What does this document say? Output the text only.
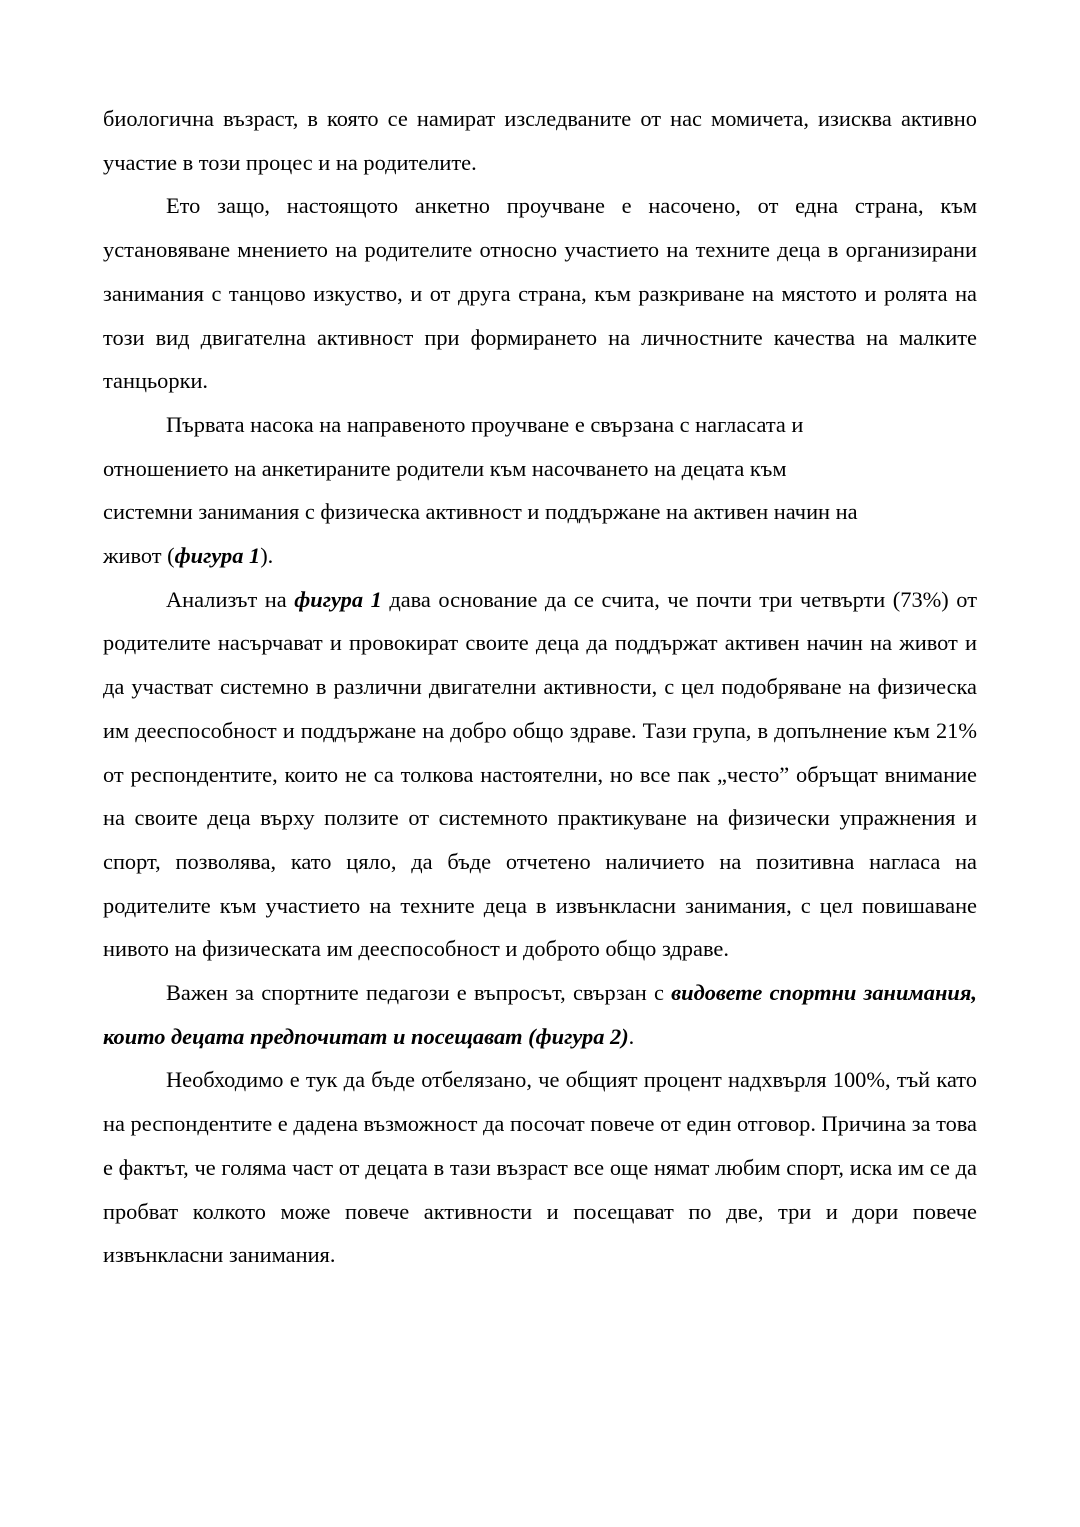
биологична възраст, в която се намират изследваните от нас момичета, изисква активно участие в този процес и на родителите.

Ето защо, настоящото анкетно проучване е насочено, от една страна, към установяване мнението на родителите относно участието на техните деца в организирани занимания с танцово изкуство, и от друга страна, към разкриване на мястото и ролята на този вид двигателна активност при формирането на личностните качества на малките танцьорки.

Първата насока на направеното проучване е свързана с нагласата и
отношението на анкетираните родители към насочването на децата към
системни занимания с физическа активност и поддържане на активен начин на
живот (фигура 1).

Анализът на фигура 1 дава основание да се счита, че почти три четвърти (73%) от родителите насърчават и провокират своите деца да поддържат активен начин на живот и да участват системно в различни двигателни активности, с цел подобряване на физическа им дееспособност и поддържане на добро общо здраве. Тази група, в допълнение към 21% от респондентите, които не са толкова настоятелни, но все пак „често” обръщат внимание на своите деца върху ползите от системното практикуване на физически упражнения и спорт, позволява, като цяло, да бъде отчетено наличието на позитивна нагласа на родителите към участието на техните деца в извънкласни занимания, с цел повишаване нивото на физическата им дееспособност и доброто общо здраве.

Важен за спортните педагози е въпросът, свързан с видовете спортни занимания, които децата предпочитат и посещават (фигура 2).

Необходимо е тук да бъде отбелязано, че общият процент надхвърля 100%, тъй като на респондентите е дадена възможност да посочат повече от един отговор. Причина за това е фактът, че голяма част от децата в тази възраст все още нямат любим спорт, иска им се да пробват колкото може повече активности и посещават по две, три и дори повече извънкласни занимания.
